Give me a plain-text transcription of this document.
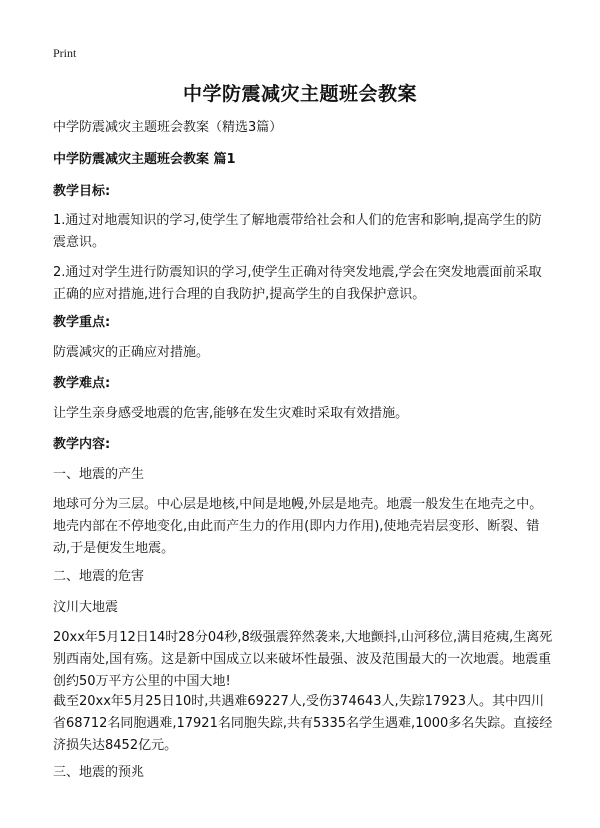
Print
中学防震减灾主题班会教案

中学防震减灾主题班会教案（精选3篇）

中学防震减灾主题班会教案 篇1

教学目标:

1.通过对地震知识的学习,使学生了解地震带给社会和人们的危害和影响,提高学生的防震意识。

2.通过对学生进行防震知识的学习,使学生正确对待突发地震,学会在突发地震面前采取正确的应对措施,进行合理的自我防护,提高学生的自我保护意识。

教学重点:

防震减灾的正确应对措施。

教学难点:

让学生亲身感受地震的危害,能够在发生灾难时采取有效措施。

教学内容:

一、地震的产生

地球可分为三层。中心层是地核,中间是地幔,外层是地壳。地震一般发生在地壳之中。地壳内部在不停地变化,由此而产生力的作用(即内力作用),使地壳岩层变形、断裂、错动,于是便发生地震。

二、地震的危害

汶川大地震

20xx年5月12日14时28分04秒,8级强震猝然袭来,大地颤抖,山河移位,满目疮痍,生离死别西南处,国有殇。这是新中国成立以来破坏性最强、波及范围最大的一次地震。地震重创约50万平方公里的中国大地!

截至20xx年5月25日10时,共遇难69227人,受伤374643人,失踪17923人。其中四川省68712名同胞遇难,17921名同胞失踪,共有5335名学生遇难,1000多名失踪。直接经济损失达8452亿元。

三、地震的预兆
